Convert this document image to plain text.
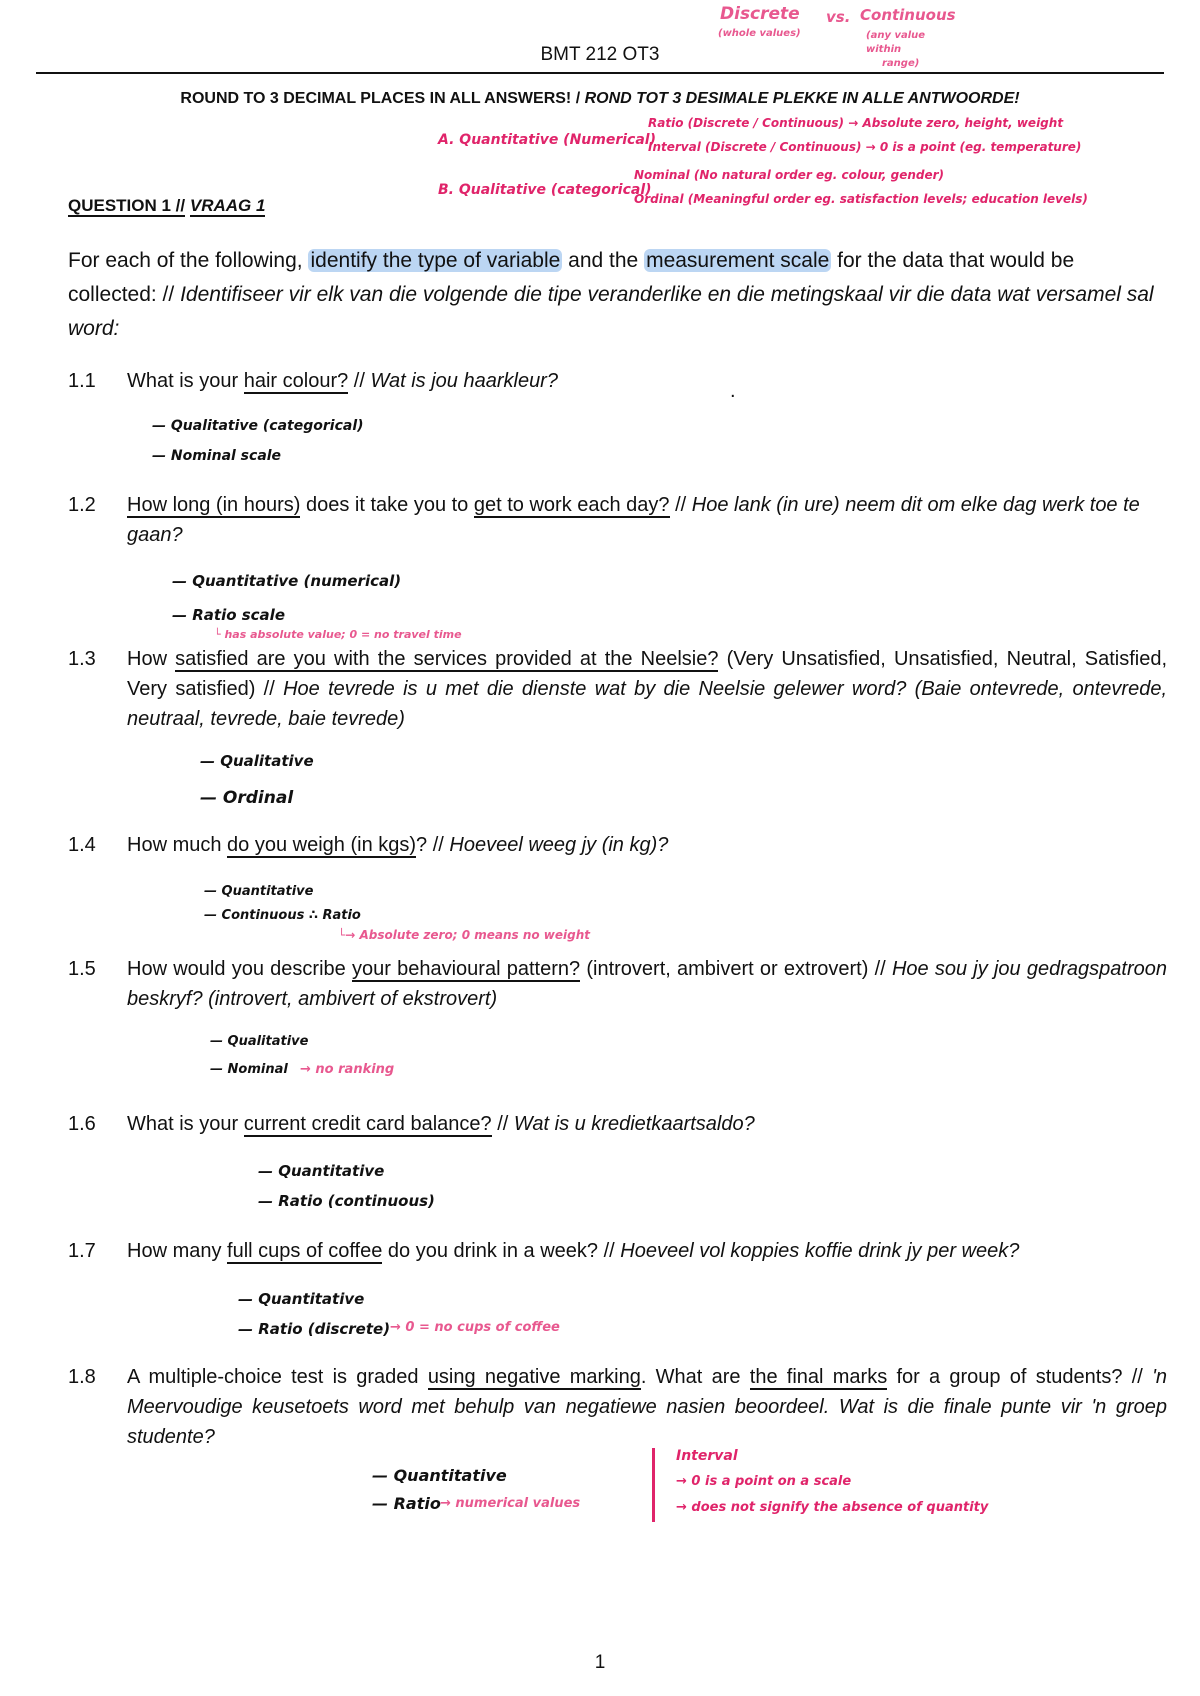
Discrete
(whole values)
vs. Continuous
(any value
within
range)
BMT 212 OT3
ROUND TO 3 DECIMAL PLACES IN ALL ANSWERS! / ROND TOT 3 DESIMALE PLEKKE IN ALLE ANTWOORDE!
A. Quantitative (Numerical)
Ratio (Discrete / Continuous) → Absolute zero, height, weight
Interval (Discrete / Continuous) → 0 is a point (eg. temperature)
B. Qualitative (categorical)
Nominal (No natural order eg. colour, gender)
Ordinal (Meaningful order eg. satisfaction levels; education levels)
QUESTION 1 // VRAAG 1
For each of the following, identify the type of variable and the measurement scale for the data that would be collected: // Identifiseer vir elk van die volgende die tipe veranderlike en die metingskaal vir die data wat versamel sal word:
1.1 What is your hair colour? // Wat is jou haarkleur?	.
— Qualitative (categorical)
— Nominal scale
1.2 How long (in hours) does it take you to get to work each day? // Hoe lank (in ure) neem dit om elke dag werk toe te gaan?
— Quantitative (numerical)
— Ratio scale
└ has absolute value; 0 = no travel time
1.3 How satisfied are you with the services provided at the Neelsie? (Very Unsatisfied, Unsatisfied, Neutral, Satisfied, Very satisfied) // Hoe tevrede is u met die dienste wat by die Neelsie gelewer word? (Baie ontevrede, ontevrede, neutraal, tevrede, baie tevrede)
— Qualitative
— Ordinal
1.4 How much do you weigh (in kgs)? // Hoeveel weeg jy (in kg)?
— Quantitative
— Continuous ∴ Ratio
└→ Absolute zero; 0 means no weight
1.5 How would you describe your behavioural pattern? (introvert, ambivert or extrovert) // Hoe sou jy jou gedragspatroon beskryf? (introvert, ambivert of ekstrovert)
— Qualitative
— Nominal → no ranking
1.6 What is your current credit card balance? // Wat is u kredietkaartsaldo?
— Quantitative
— Ratio (continuous)
1.7 How many full cups of coffee do you drink in a week? // Hoeveel vol koppies koffie drink jy per week?
— Quantitative
— Ratio (discrete) → 0 = no cups of coffee
1.8 A multiple-choice test is graded using negative marking. What are the final marks for a group of students? // 'n Meervoudige keusetoets word met behulp van negatiewe nasien beoordeel. Wat is die finale punte vir 'n groep studente?
— Quantitative
— Ratio → numerical values
Interval
→ 0 is a point on a scale
→ does not signify the absence of quantity
1
